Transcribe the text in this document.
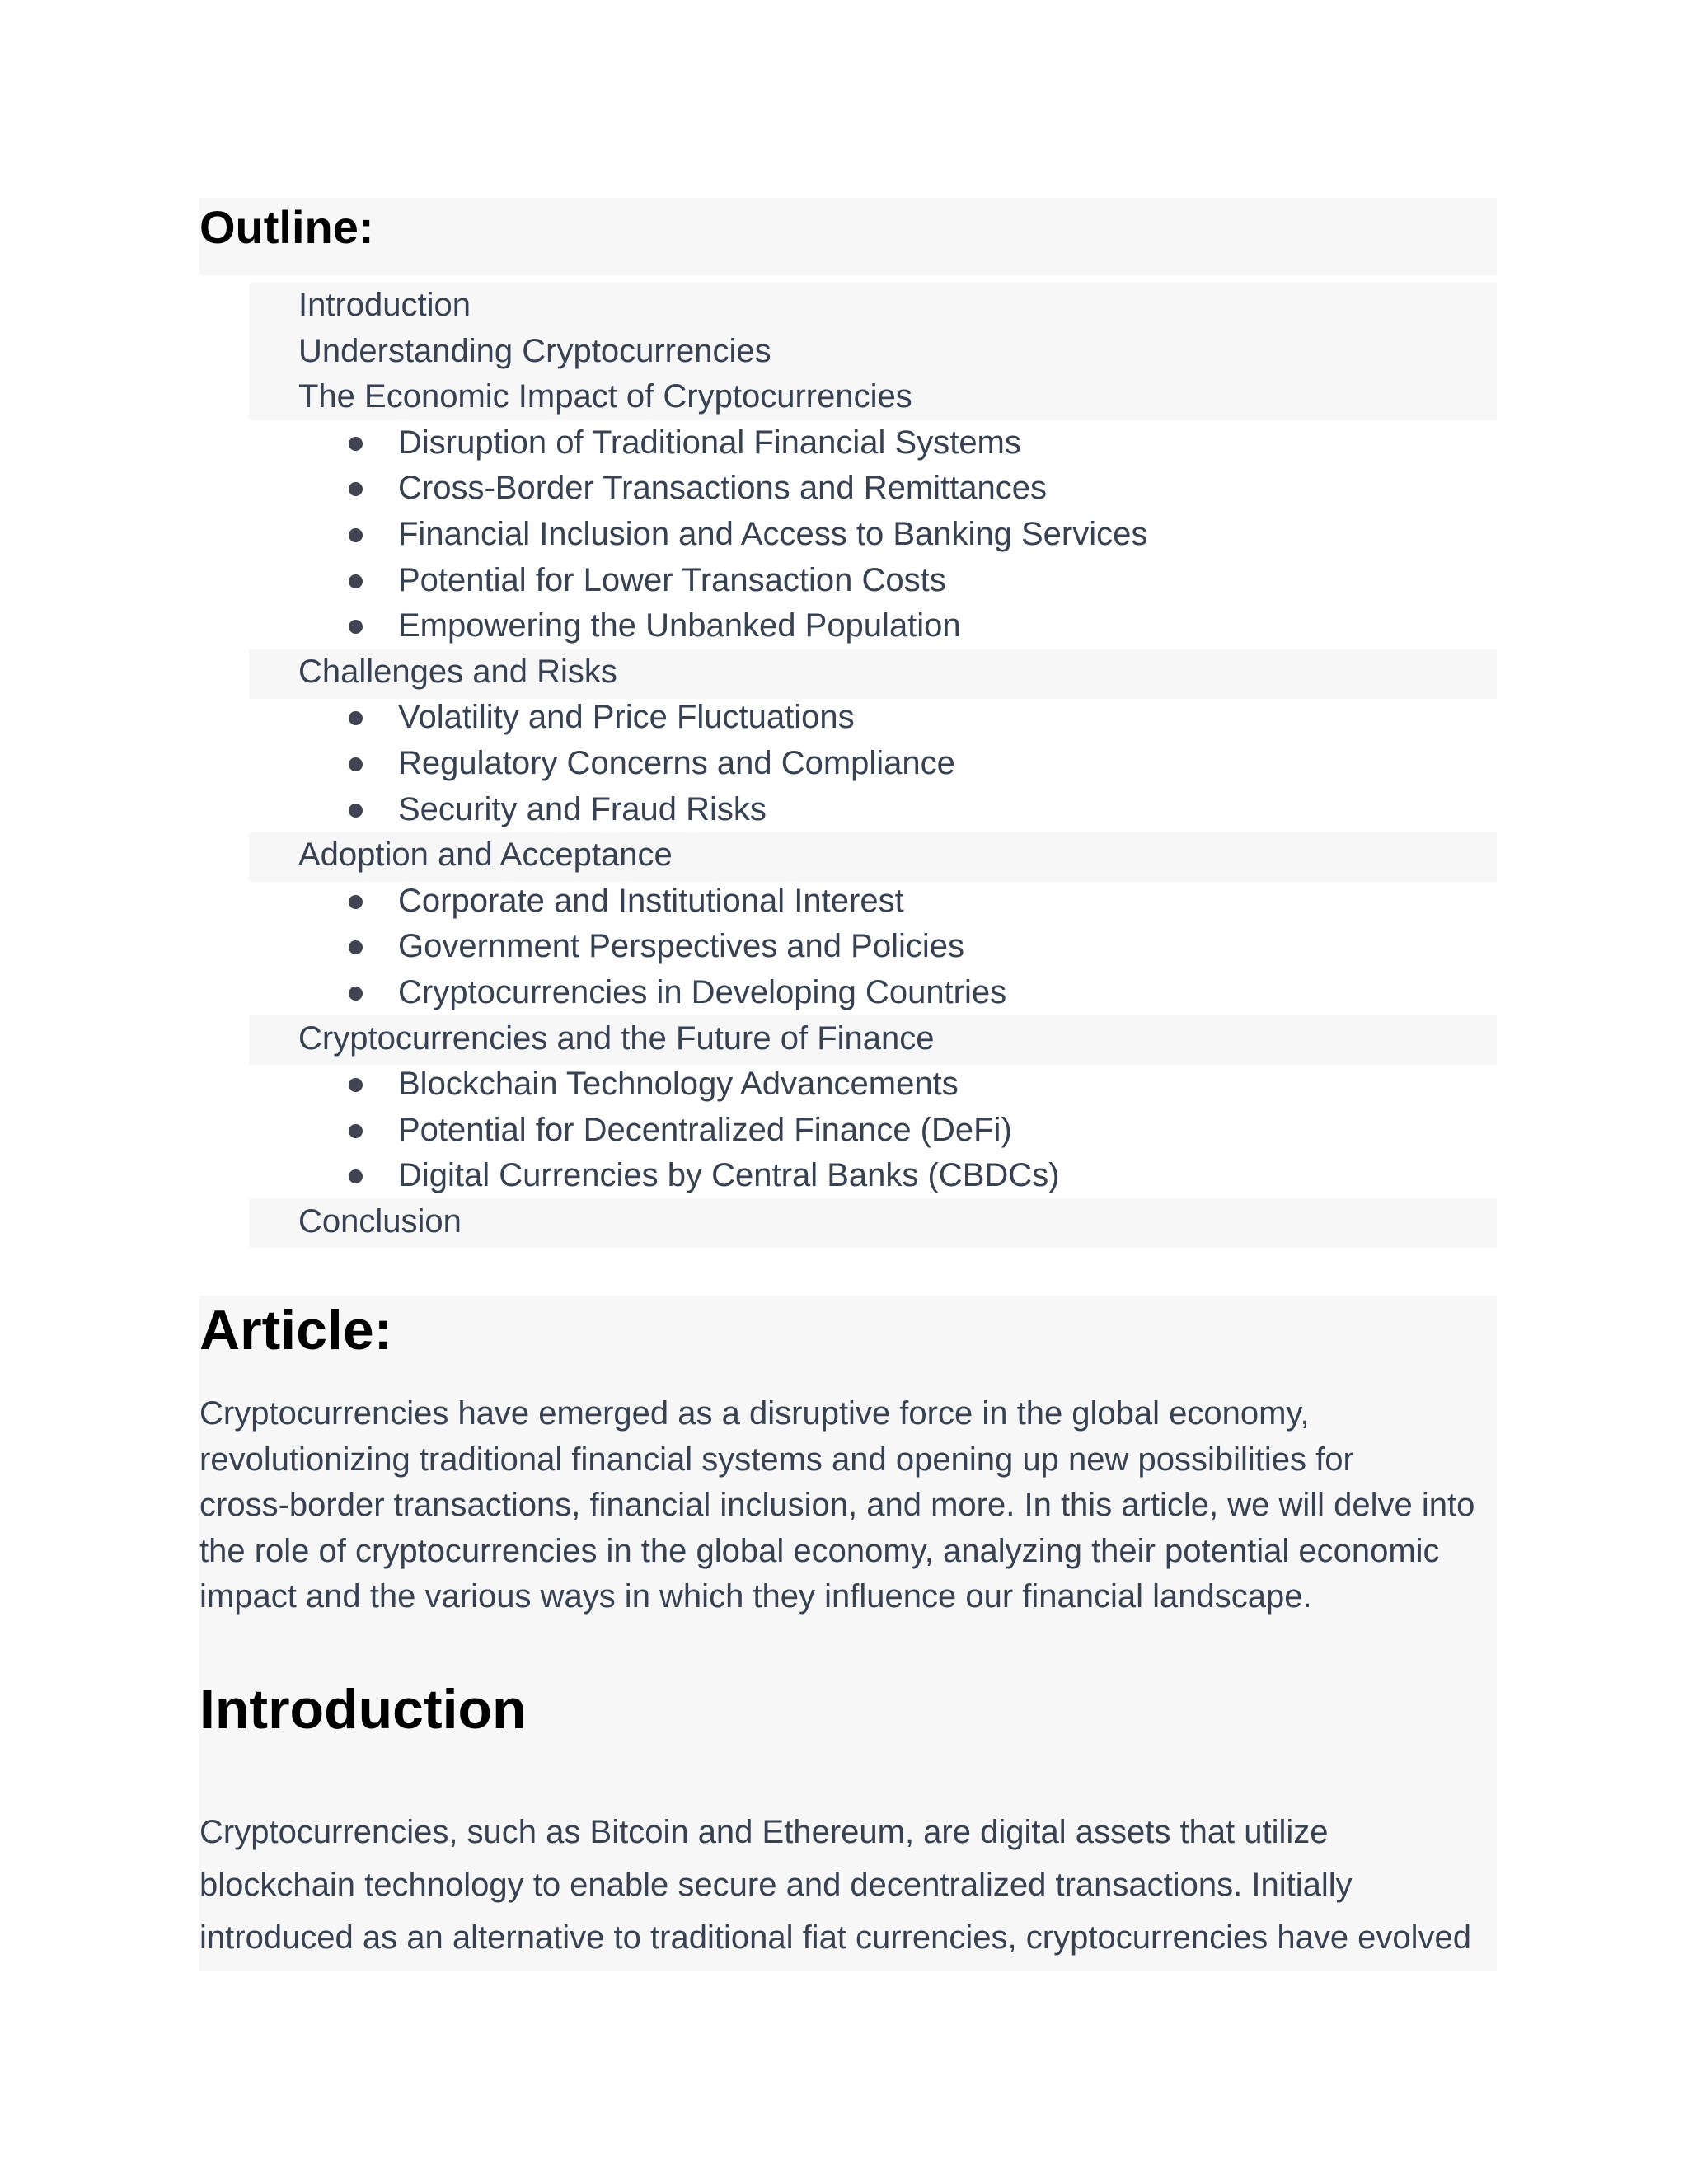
Outline:
Introduction
Understanding Cryptocurrencies
The Economic Impact of Cryptocurrencies
Disruption of Traditional Financial Systems
Cross-Border Transactions and Remittances
Financial Inclusion and Access to Banking Services
Potential for Lower Transaction Costs
Empowering the Unbanked Population
Challenges and Risks
Volatility and Price Fluctuations
Regulatory Concerns and Compliance
Security and Fraud Risks
Adoption and Acceptance
Corporate and Institutional Interest
Government Perspectives and Policies
Cryptocurrencies in Developing Countries
Cryptocurrencies and the Future of Finance
Blockchain Technology Advancements
Potential for Decentralized Finance (DeFi)
Digital Currencies by Central Banks (CBDCs)
Conclusion
Article:

Cryptocurrencies have emerged as a disruptive force in the global economy,
revolutionizing traditional financial systems and opening up new possibilities for
cross-border transactions, financial inclusion, and more. In this article, we will delve into
the role of cryptocurrencies in the global economy, analyzing their potential economic
impact and the various ways in which they influence our financial landscape.

Introduction

Cryptocurrencies, such as Bitcoin and Ethereum, are digital assets that utilize
blockchain technology to enable secure and decentralized transactions. Initially
introduced as an alternative to traditional fiat currencies, cryptocurrencies have evolved
